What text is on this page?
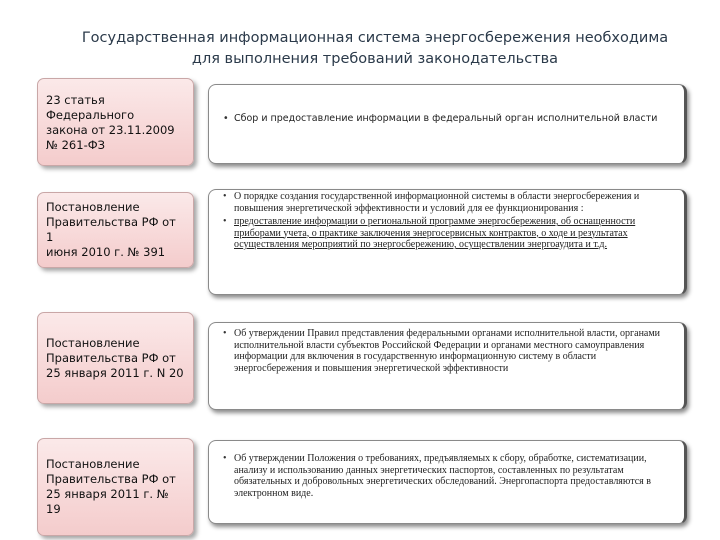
Государственная информационная система энергосбережения необходима
для выполнения требований законодательства
23 статья
Федерального
закона от 23.11.2009
№ 261-ФЗ
• Сбор и предоставление информации в федеральный орган исполнительной власти
Постановление
Правительства РФ от 1
июня 2010 г. № 391
• О порядке создания государственной информационной системы в области энергосбережения и повышения энергетической эффективности и условий для ее функционирования :
• предоставление информации о региональной программе энергосбережения, об оснащенности приборами учета, о практике заключения энергосервисных контрактов, о ходе и результатах осуществления мероприятий по энергосбережению, осуществлении энергоаудита и т.д.
Постановление
Правительства РФ от
25 января 2011 г. N 20
• Об утверждении Правил представления федеральными органами исполнительной власти, органами исполнительной власти субъектов Российской Федерации и органами местного самоуправления информации для включения в государственную информационную систему в области энергосбережения и повышения энергетической эффективности
Постановление
Правительства РФ от
25 января 2011 г. № 19
• Об утверждении Положения о требованиях, предъявляемых к сбору, обработке, систематизации, анализу и использованию данных энергетических паспортов, составленных по результатам обязательных и добровольных энергетических обследований. Энергопаспорта предоставляются в электронном виде.
